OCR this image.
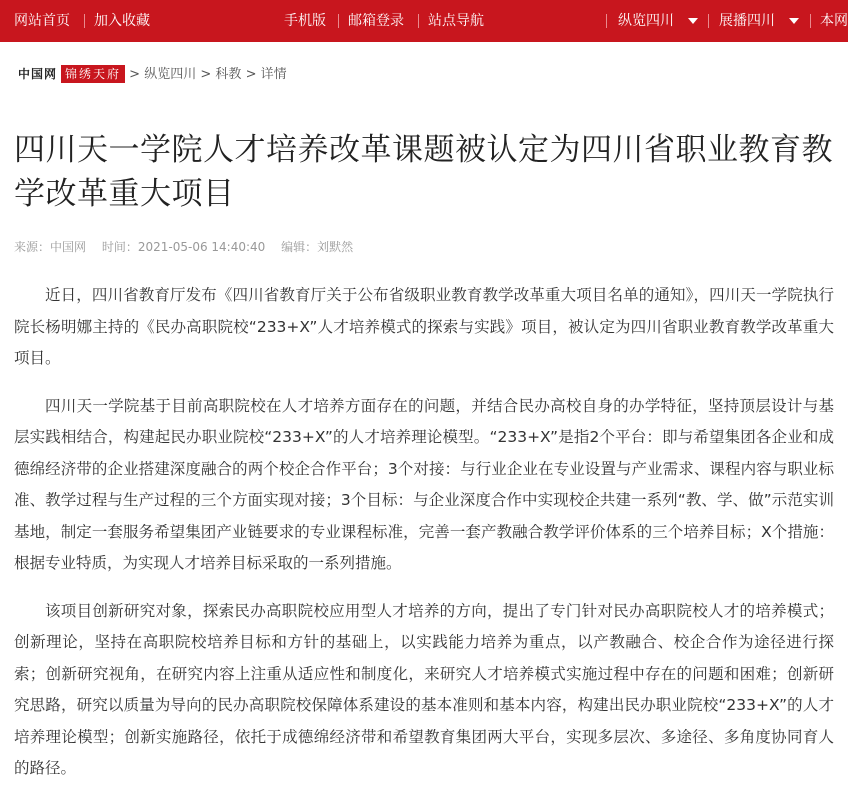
网站首页 加入收藏	手机版 邮箱登录 站点导航	纵览四川	展播四川	本网
中国网 锦绣天府 > 纵览四川 > 科教 > 详情
四川天一学院人才培养改革课题被认定为四川省职业教育教学改革重大项目
来源：中国网 时间：2021-05-06 14:40:40 编辑：刘默然

近日，四川省教育厅发布《四川省教育厅关于公布省级职业教育教学改革重大项目名单的通知》，四川天一学院执行院长杨明娜主持的《民办高职院校“233+X”人才培养模式的探索与实践》项目，被认定为四川省职业教育教学改革重大项目。

四川天一学院基于目前高职院校在人才培养方面存在的问题，并结合民办高校自身的办学特征，坚持顶层设计与基层实践相结合，构建起民办职业院校“233+X”的人才培养理论模型。“233+X”是指2个平台：即与希望集团各企业和成德绵经济带的企业搭建深度融合的两个校企合作平台；3个对接：与行业企业在专业设置与产业需求、课程内容与职业标准、教学过程与生产过程的三个方面实现对接；3个目标：与企业深度合作中实现校企共建一系列“教、学、做”示范实训基地，制定一套服务希望集团产业链要求的专业课程标准，完善一套产教融合教学评价体系的三个培养目标；X个措施：根据专业特质，为实现人才培养目标采取的一系列措施。

该项目创新研究对象，探索民办高职院校应用型人才培养的方向，提出了专门针对民办高职院校人才的培养模式；创新理论，坚持在高职院校培养目标和方针的基础上，以实践能力培养为重点，以产教融合、校企合作为途径进行探索；创新研究视角，在研究内容上注重从适应性和制度化，来研究人才培养模式实施过程中存在的问题和困难；创新研究思路，研究以质量为导向的民办高职院校保障体系建设的基本准则和基本内容，构建出民办职业院校“233+X”的人才培养理论模型；创新实施路径，依托于成德绵经济带和希望教育集团两大平台，实现多层次、多途径、多角度协同育人的路径。
